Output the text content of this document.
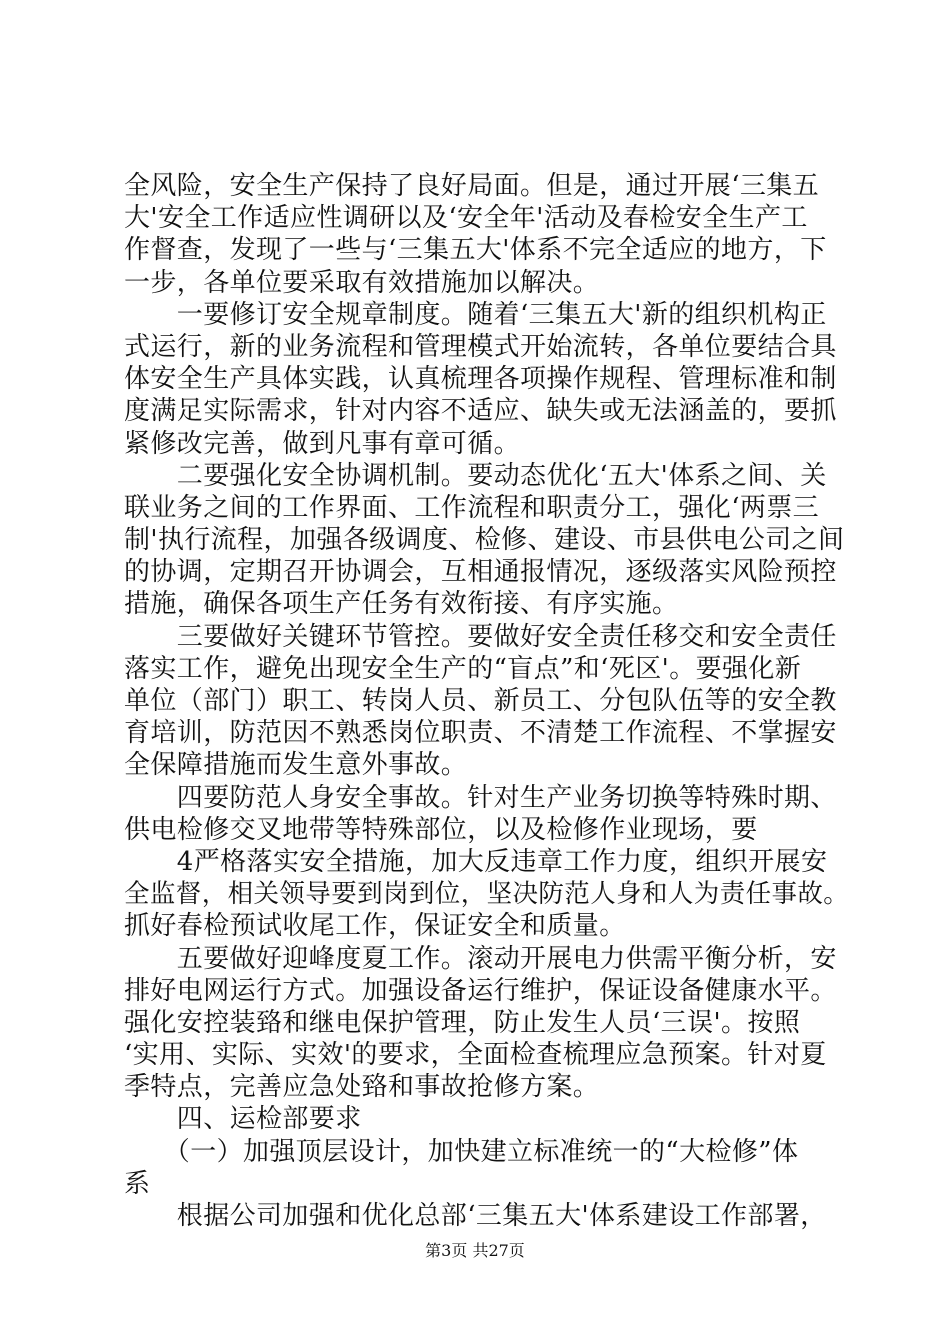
全风险，安全生产保持了良好局面。但是，通过开展‘三集五
大'安全工作适应性调研以及‘安全年'活动及春检安全生产工
作督查，发现了一些与‘三集五大'体系不完全适应的地方，下
一步，各单位要采取有效措施加以解决。
　　一要修订安全规章制度。随着‘三集五大'新的组织机构正
式运行，新的业务流程和管理模式开始流转，各单位要结合具
体安全生产具体实践，认真梳理各项操作规程、管理标准和制
度满足实际需求，针对内容不适应、缺失或无法涵盖的，要抓
紧修改完善，做到凡事有章可循。
　　二要强化安全协调机制。要动态优化‘五大'体系之间、关
联业务之间的工作界面、工作流程和职责分工，强化‘两票三
制'执行流程，加强各级调度、检修、建设、市县供电公司之间
的协调，定期召开协调会，互相通报情况，逐级落实风险预控
措施，确保各项生产任务有效衔接、有序实施。
　　三要做好关键环节管控。要做好安全责任移交和安全责任
落实工作，避免出现安全生产的“盲点”和‘死区'。要强化新
单位（部门）职工、转岗人员、新员工、分包队伍等的安全教
育培训，防范因不熟悉岗位职责、不清楚工作流程、不掌握安
全保障措施而发生意外事故。
　　四要防范人身安全事故。针对生产业务切换等特殊时期、
供电检修交叉地带等特殊部位，以及检修作业现场，要
　　4严格落实安全措施，加大反违章工作力度，组织开展安
全监督，相关领导要到岗到位，坚决防范人身和人为责任事故。
抓好春检预试收尾工作，保证安全和质量。
　　五要做好迎峰度夏工作。滚动开展电力供需平衡分析，安
排好电网运行方式。加强设备运行维护，保证设备健康水平。
强化安控装臵和继电保护管理，防止发生人员‘三误'。按照
‘实用、实际、实效'的要求，全面检查梳理应急预案。针对夏
季特点，完善应急处臵和事故抢修方案。
　　四、运检部要求
　　（一）加强顶层设计，加快建立标准统一的“大检修”体
系
　　根据公司加强和优化总部‘三集五大'体系建设工作部署，
第3页 共27页
